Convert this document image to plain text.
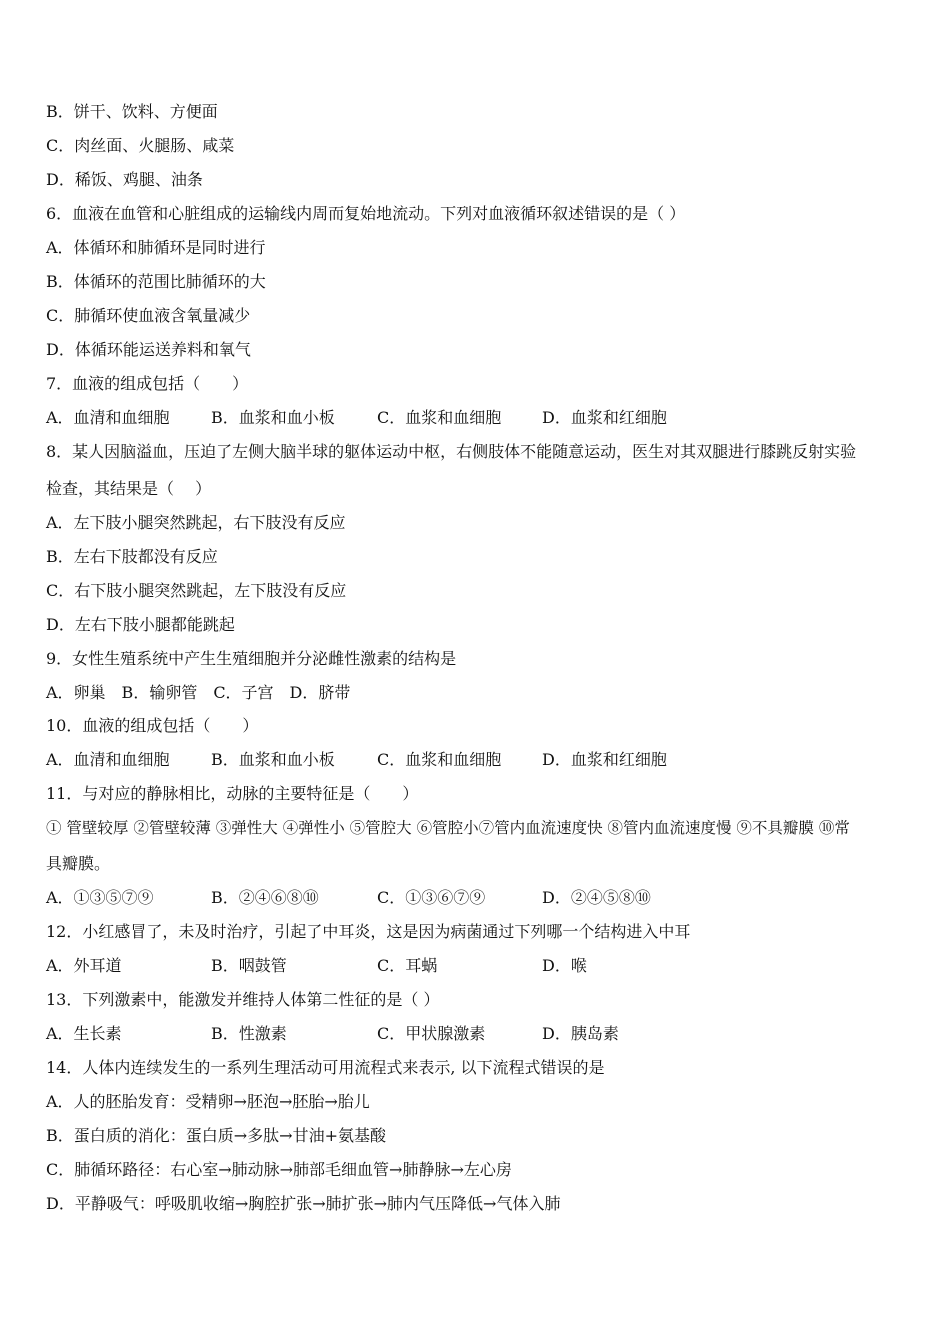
B．饼干、饮料、方便面
C．肉丝面、火腿肠、咸菜
D．稀饭、鸡腿、油条
6．血液在血管和心脏组成的运输线内周而复始地流动。下列对血液循环叙述错误的是（ ）
A．体循环和肺循环是同时进行
B．体循环的范围比肺循环的大
C．肺循环使血液含氧量减少
D．体循环能运送养料和氧气
7．血液的组成包括（　　）
A．血清和血细胞	B．血浆和血小板	C．血浆和血细胞	D．血浆和红细胞
8．某人因脑溢血，压迫了左侧大脑半球的躯体运动中枢，右侧肢体不能随意运动，医生对其双腿进行膝跳反射实验
检查，其结果是（　 ）
A．左下肢小腿突然跳起，右下肢没有反应
B．左右下肢都没有反应
C．右下肢小腿突然跳起，左下肢没有反应
D．左右下肢小腿都能跳起
9．女性生殖系统中产生生殖细胞并分泌雌性激素的结构是
A．卵巢　B．输卵管　C．子宫　D．脐带
10．血液的组成包括（　　）
A．血清和血细胞	B．血浆和血小板	C．血浆和血细胞	D．血浆和红细胞
11．与对应的静脉相比，动脉的主要特征是（　　）
① 管壁较厚 ②管壁较薄 ③弹性大 ④弹性小 ⑤管腔大 ⑥管腔小⑦管内血流速度快 ⑧管内血流速度慢 ⑨不具瓣膜 ⑩常
具瓣膜。
A．①③⑤⑦⑨	B．②④⑥⑧⑩	C．①③⑥⑦⑨	D．②④⑤⑧⑩
12．小红感冒了，未及时治疗，引起了中耳炎，这是因为病菌通过下列哪一个结构进入中耳
A．外耳道	B．咽鼓管	C．耳蜗	D．喉
13．下列激素中，能激发并维持人体第二性征的是（ ）
A．生长素	B．性激素	C．甲状腺激素	D．胰岛素
14．人体内连续发生的一系列生理活动可用流程式来表示, 以下流程式错误的是
A．人的胚胎发育：受精卵→胚泡→胚胎→胎儿
B．蛋白质的消化：蛋白质→多肽→甘油+氨基酸
C．肺循环路径：右心室→肺动脉→肺部毛细血管→肺静脉→左心房
D．平静吸气：呼吸肌收缩→胸腔扩张→肺扩张→肺内气压降低→气体入肺
